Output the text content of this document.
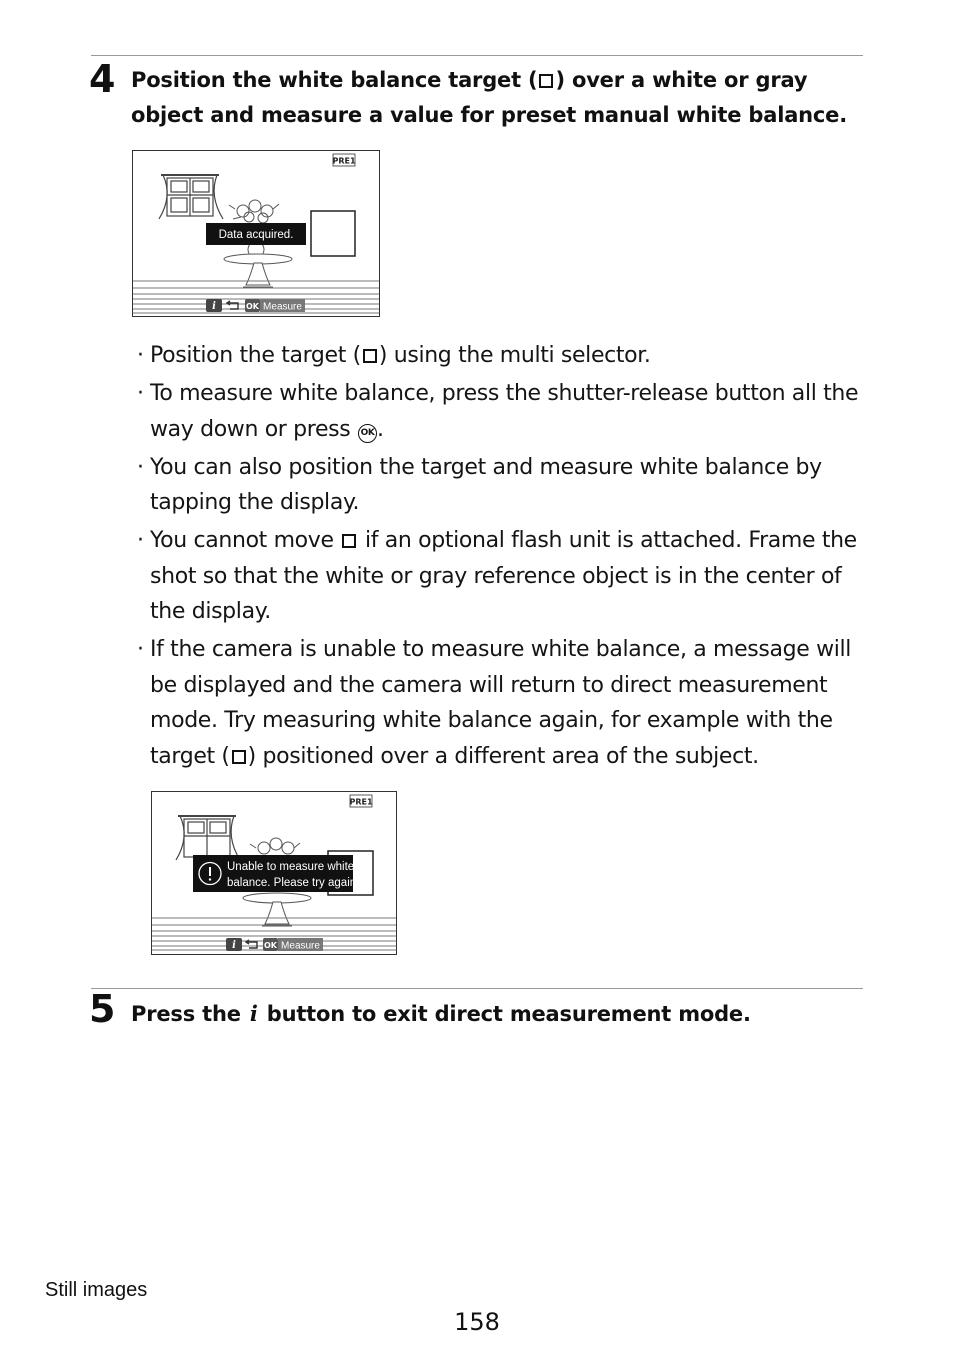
4 Position the white balance target ( ) over a white or gray object and measure a value for preset manual white balance.
Data acquired.
PRE1
i	OK Measure
· Position the target ( ) using the multi selector.
· To measure white balance, press the shutter-release button all the way down or press OK .
· You can also position the target and measure white balance by tapping the display.
· You cannot move  if an optional flash unit is attached. Frame the shot so that the white or gray reference object is in the center of the display.
· If the camera is unable to measure white balance, a message will be displayed and the camera will return to direct measurement mode. Try measuring white balance again, for example with the target ( ) positioned over a different area of the subject.
Unable to measure white
balance. Please try again.
PRE1
i	OK Measure
5 Press the i button to exit direct measurement mode.
Still images
158
